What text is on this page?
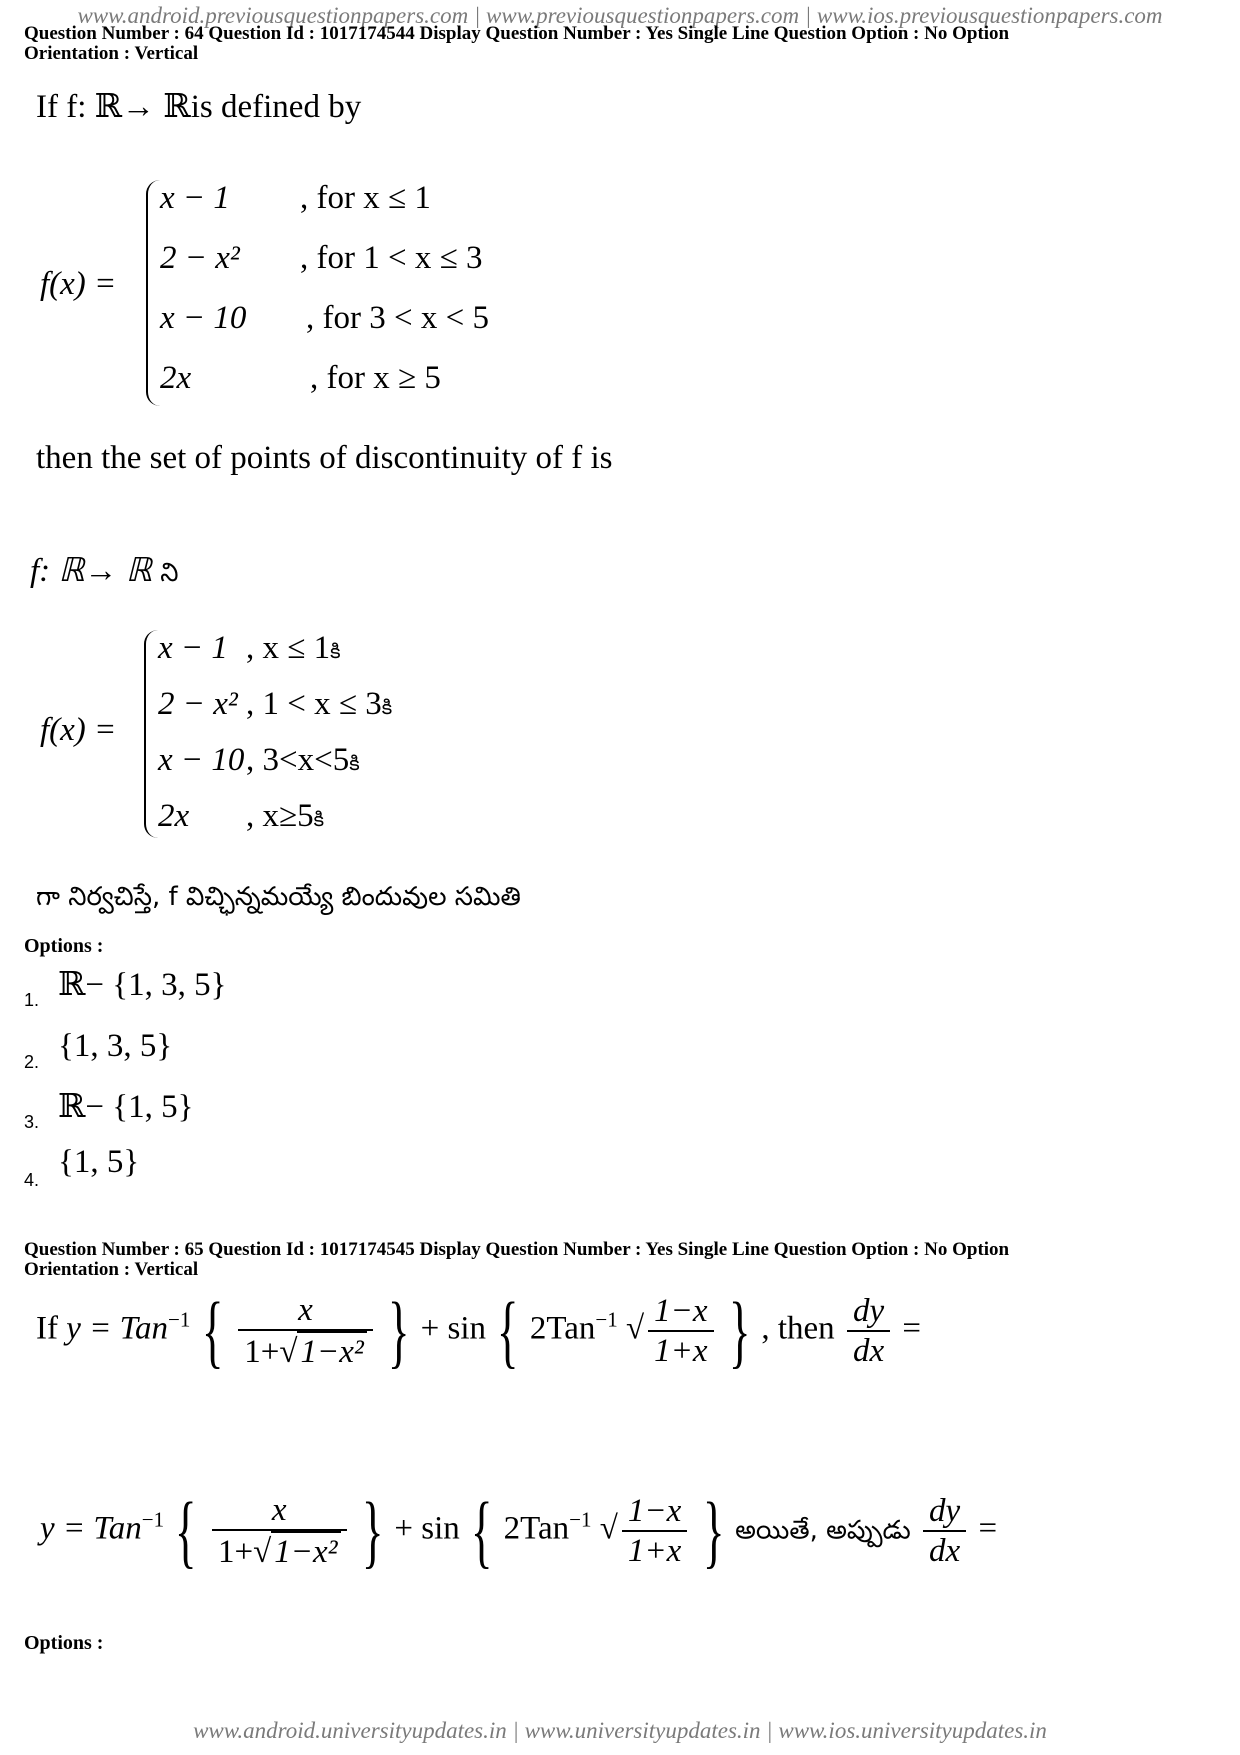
www.android.previousquestionpapers.com | www.previousquestionpapers.com | www.ios.previousquestionpapers.com
Question Number : 64 Question Id : 1017174544 Display Question Number : Yes Single Line Question Option : No Option
Orientation : Vertical
If f: ℝ→ ℝis defined by
f(x) =
x − 1 , for x ≤ 1
2 − x² , for 1 < x ≤ 3
x − 10 , for 3 < x < 5
2x	, for x ≥ 5
then the set of points of discontinuity of f is
f: ℝ→ ℝ ని
f(x) =
x − 1 , x ≤ 1కి
2 − x² , 1 < x ≤ 3కి
x − 10 , 3<x<5కి
2x , x≥5కి
గా నిర్వచిస్తే, f విచ్ఛిన్నమయ్యే బిందువుల సమితి
Options :
1. ℝ− {1, 3, 5}
2. {1, 3, 5}
3. ℝ− {1, 5}
4. {1, 5}
Question Number : 65 Question Id : 1017174545 Display Question Number : Yes Single Line Question Option : No Option
Orientation : Vertical
If y = Tan$^{-1}$ { $\frac{x}{\text{1+√1−x²}}$ } + sin { 2Tan$^{-1}$ √ $\frac{1-x}{1+x}$ } , then $\frac{dy}{dx}$ =
y = Tan$^{-1}$ { $\frac{x}{\text{1+√1−x²}}$ } + sin { 2Tan$^{-1}$ √ $\frac{1-x}{1+x}$ } అయితే, అప్పుడు $\frac{dy}{dx}$ =
Options :
www.android.universityupdates.in | www.universityupdates.in | www.ios.universityupdates.in
